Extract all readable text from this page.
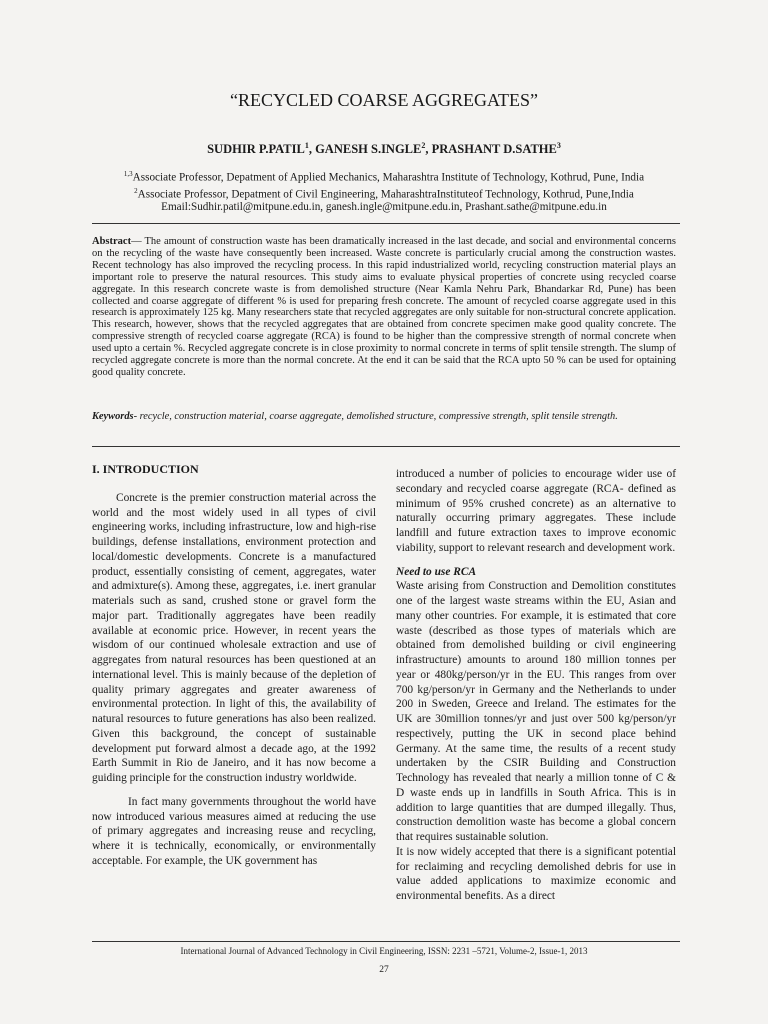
“RECYCLED COARSE AGGREGATES”
SUDHIR P.PATIL$^1$, GANESH S.INGLE$^2$, PRASHANT D.SATHE$^3$
$^{1,3}$Associate Professor, Depatment of Applied Mechanics, Maharashtra Institute of Technology, Kothrud, Pune, India
$^2$Associate Professor, Depatment of Civil Engineering, MaharashtraInstituteof Technology, Kothrud, Pune,India
Email:Sudhir.patil@mitpune.edu.in, ganesh.ingle@mitpune.edu.in, Prashant.sathe@mitpune.edu.in
Abstract— The amount of construction waste has been dramatically increased in the last decade, and social and environmental concerns on the recycling of the waste have consequently been increased. Waste concrete is particularly crucial among the construction wastes. Recent technology has also improved the recycling process. In this rapid industrialized world, recycling construction material plays an important role to preserve the natural resources. This study aims to evaluate physical properties of concrete using recycled coarse aggregate. In this research concrete waste is from demolished structure (Near Kamla Nehru Park, Bhandarkar Rd, Pune) has been collected and coarse aggregate of different % is used for preparing fresh concrete. The amount of recycled coarse aggregate used in this research is approximately 125 kg. Many researchers state that recycled aggregates are only suitable for non-structural concrete application. This research, however, shows that the recycled aggregates that are obtained from concrete specimen make good quality concrete. The compressive strength of recycled coarse aggregate (RCA) is found to be higher than the compressive strength of normal concrete when used upto a certain %. Recycled aggregate concrete is in close proximity to normal concrete in terms of split tensile strength. The slump of recycled aggregate concrete is more than the normal concrete. At the end it can be said that the RCA upto 50 % can be used for optaining good quality concrete.
Keywords- recycle, construction material, coarse aggregate, demolished structure, compressive strength, split tensile strength.

I. INTRODUCTION

Concrete is the premier construction material across the world and the most widely used in all types of civil engineering works, including infrastructure, low and high-rise buildings, defense installations, environment protection and local/domestic developments. Concrete is a manufactured product, essentially consisting of cement, aggregates, water and admixture(s). Among these, aggregates, i.e. inert granular materials such as sand, crushed stone or gravel form the major part. Traditionally aggregates have been readily available at economic price. However, in recent years the wisdom of our continued wholesale extraction and use of aggregates from natural resources has been questioned at an international level. This is mainly because of the depletion of quality primary aggregates and greater awareness of environmental protection. In light of this, the availability of natural resources to future generations has also been realized. Given this background, the concept of sustainable development put forward almost a decade ago, at the 1992 Earth Summit in Rio de Janeiro, and it has now become a guiding principle for the construction industry worldwide.

In fact many governments throughout the world have now introduced various measures aimed at reducing the use of primary aggregates and increasing reuse and recycling, where it is technically, economically, or environmentally acceptable. For example, the UK government has

introduced a number of policies to encourage wider use of secondary and recycled coarse aggregate (RCA- defined as minimum of 95% crushed concrete) as an alternative to naturally occurring primary aggregates. These include landfill and future extraction taxes to improve economic viability, support to relevant research and development work.

Need to use RCA

Waste arising from Construction and Demolition constitutes one of the largest waste streams within the EU, Asian and many other countries. For example, it is estimated that core waste (described as those types of materials which are obtained from demolished building or civil engineering infrastructure) amounts to around 180 million tonnes per year or 480kg/person/yr in the EU. This ranges from over 700 kg/person/yr in Germany and the Netherlands to under 200 in Sweden, Greece and Ireland. The estimates for the UK are 30million tonnes/yr and just over 500 kg/person/yr respectively, putting the UK in second place behind Germany. At the same time, the results of a recent study undertaken by the CSIR Building and Construction Technology has revealed that nearly a million tonne of C & D waste ends up in landfills in South Africa. This is in addition to large quantities that are dumped illegally. Thus, construction demolition waste has become a global concern that requires sustainable solution.

It is now widely accepted that there is a significant potential for reclaiming and recycling demolished debris for use in value added applications to maximize economic and environmental benefits. As a direct

International Journal of Advanced Technology in Civil Engineering, ISSN: 2231 –5721, Volume-2, Issue-1, 2013
27
